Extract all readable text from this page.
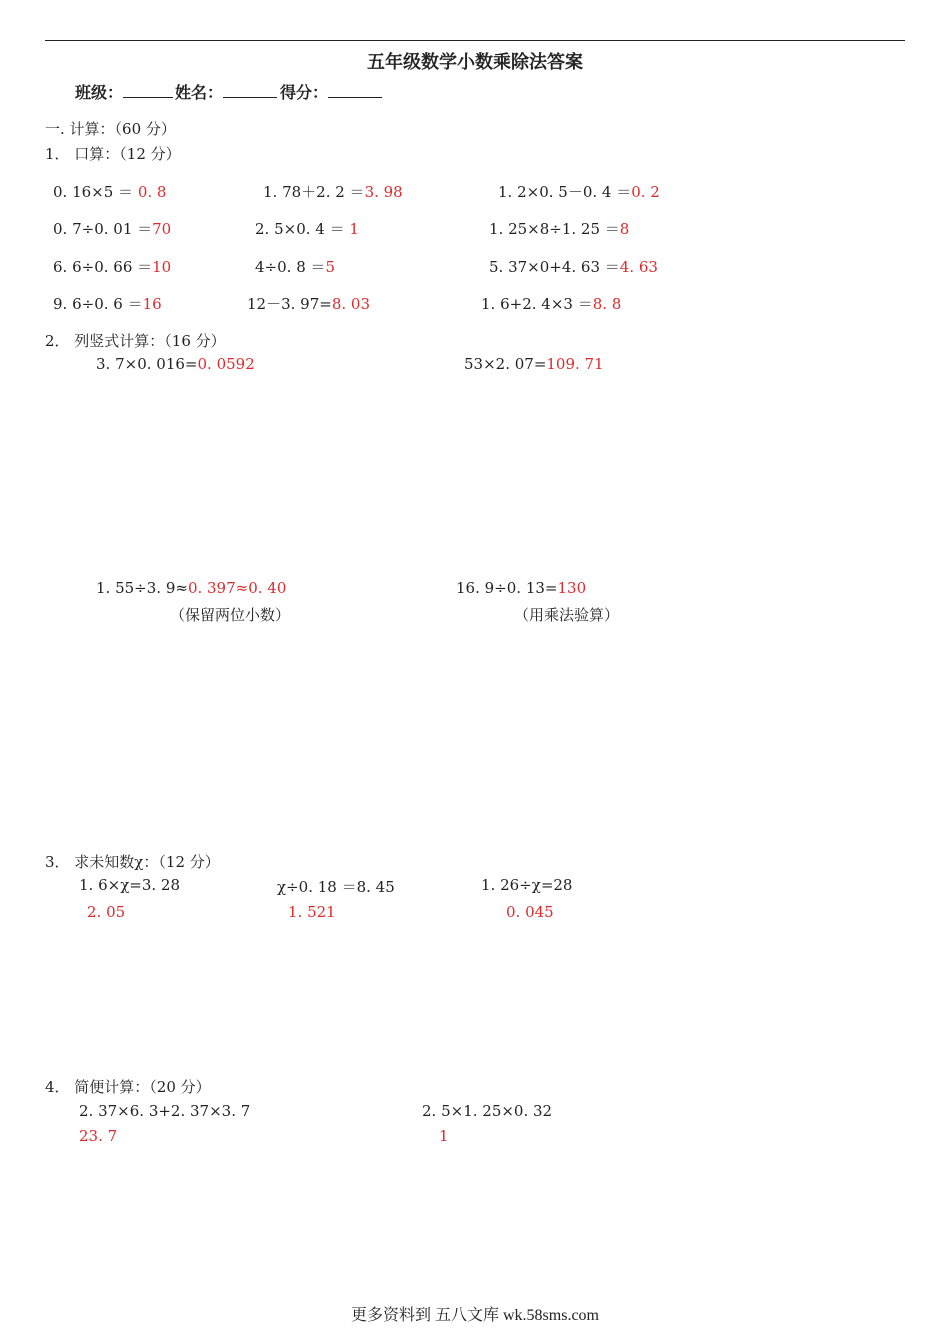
五年级数学小数乘除法答案
班级：	姓名：	得分：
一. 计算：（60 分）
1． 口算：（12 分）
0. 16×5 ＝ 0. 8	1. 78＋2. 2 ＝3. 98	1. 2×0. 5－0. 4 ＝0. 2
0. 7÷0. 01 ＝70	2. 5×0. 4 ＝ 1	1. 25×8÷1. 25 ＝8
6. 6÷0. 66 ＝10	4÷0. 8 ＝5	5. 37×0+4. 63 ＝4. 63
9. 6÷0. 6 ＝16	12－3. 97=8. 03	1. 6+2. 4×3 ＝8. 8
2． 列竖式计算：（16 分）
3. 7×0. 016=0. 0592	53×2. 07=109. 71
1. 55÷3. 9≈0. 397≈0. 40	16. 9÷0. 13=130
（保留两位小数）	（用乘法验算）
3． 求未知数χ：（12 分）
1. 6×χ=3. 28	χ÷0. 18 ＝8. 45	1. 26÷χ=28
2. 05	1. 521	0. 045
4． 简便计算：（20 分）
2. 37×6. 3+2. 37×3. 7	2. 5×1. 25×0. 32
23. 7	1
更多资料到 五八文库 wk.58sms.com
